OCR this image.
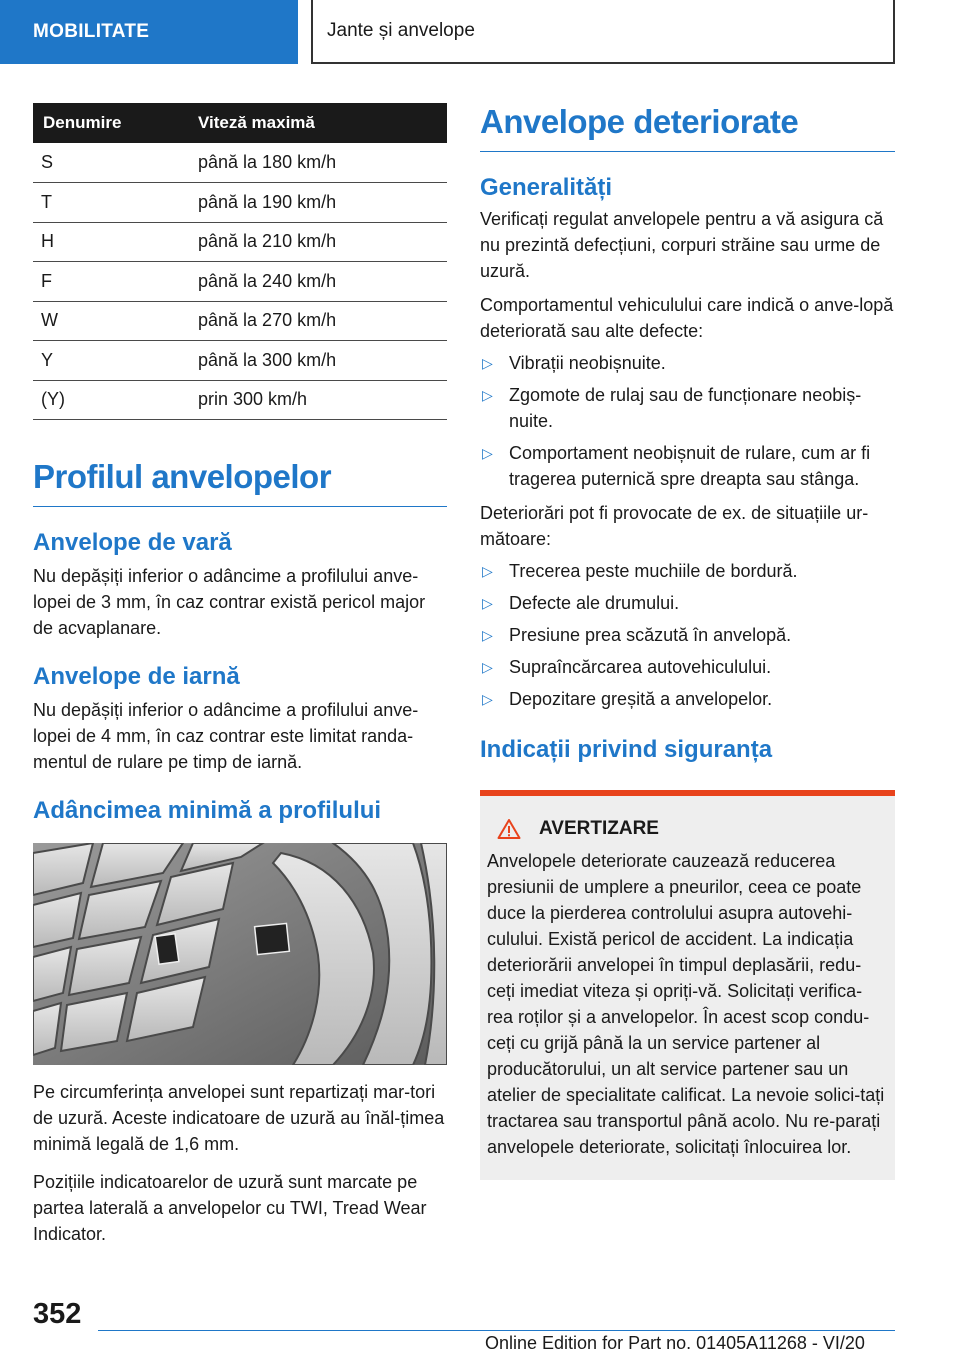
MOBILITATE	Jante și anvelope
Denumire	Viteză maximă
S	până la 180 km/h
T	până la 190 km/h
H	până la 210 km/h
F	până la 240 km/h
W	până la 270 km/h
Y	până la 300 km/h
(Y)	prin 300 km/h
Profilul anvelopelor
Anvelope de vară

Nu depășiți inferior o adâncime a profilului anve-lopei de 3 mm, în caz contrar există pericol major de acvaplanare.

Anvelope de iarnă

Nu depășiți inferior o adâncime a profilului anve-lopei de 4 mm, în caz contrar este limitat randa-mentul de rulare pe timp de iarnă.

Adâncimea minimă a profilului

Pe circumferința anvelopei sunt repartizați mar-tori de uzură. Aceste indicatoare de uzură au înăl-țimea minimă legală de 1,6 mm.

Pozițiile indicatoarelor de uzură sunt marcate pe partea laterală a anvelopelor cu TWI, Tread Wear Indicator.

Anvelope deteriorate
Generalități

Verificați regulat anvelopele pentru a vă asigura că nu prezintă defecțiuni, corpuri străine sau urme de uzură.

Comportamentul vehiculului care indică o anve-lopă deteriorată sau alte defecte:

▷ Vibrații neobișnuite.
▷ Zgomote de rulaj sau de funcționare neobiș-nuite.
▷ Comportament neobișnuit de rulare, cum ar fi tragerea puternică spre dreapta sau stânga.

Deteriorări pot fi provocate de ex. de situațiile ur-mătoare:

▷ Trecerea peste muchiile de bordură.
▷ Defecte ale drumului.
▷ Presiune prea scăzută în anvelopă.
▷ Supraîncărcarea autovehiculului.
▷ Depozitare greșită a anvelopelor.
Indicații privind siguranța
AVERTIZARE

Anvelopele deteriorate cauzează reducerea presiunii de umplere a pneurilor, ceea ce poate duce la pierderea controlului asupra autovehi-culului. Există pericol de accident. La indicația deteriorării anvelopei în timpul deplasării, redu-ceți imediat viteza și opriți-vă. Solicitați verifica-rea roților și a anvelopelor. În acest scop condu-ceți cu grijă până la un service partener al producătorului, un alt service partener sau un atelier de specialitate calificat. La nevoie solici-tați tractarea sau transportul până acolo. Nu re-parați anvelopele deteriorate, solicitați înlocuirea lor.

352
Online Edition for Part no. 01405A11268 - VI/20
